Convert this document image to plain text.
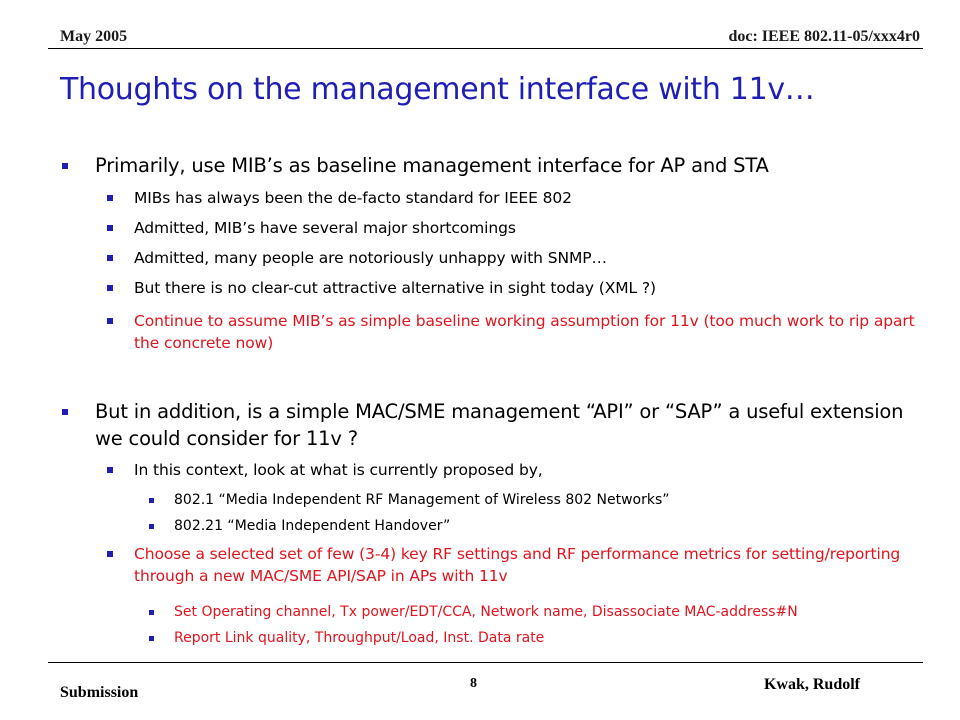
May 2005	doc: IEEE 802.11-05/xxx4r0
Thoughts on the management interface with 11v…

Primarily, use MIB’s as baseline management interface for AP and STA

MIBs has always been the de-facto standard for IEEE 802

Admitted, MIB’s have several major shortcomings

Admitted, many people are notoriously unhappy with SNMP…

But there is no clear-cut attractive alternative in sight today (XML ?)

Continue to assume MIB’s as simple baseline working assumption for 11v (too much work to rip apart the concrete now)

But in addition, is a simple MAC/SME management “API” or “SAP” a useful extension we could consider for 11v ?

In this context, look at what is currently proposed by,

802.1 “Media Independent RF Management of Wireless 802 Networks”

802.21 “Media Independent Handover”

Choose a selected set of few (3-4) key RF settings and RF performance metrics for setting/reporting through a new MAC/SME API/SAP in APs with 11v

Set Operating channel, Tx power/EDT/CCA, Network name, Disassociate MAC-address#N

Report Link quality, Throughput/Load, Inst. Data rate

Submission
8	Kwak, Rudolf
